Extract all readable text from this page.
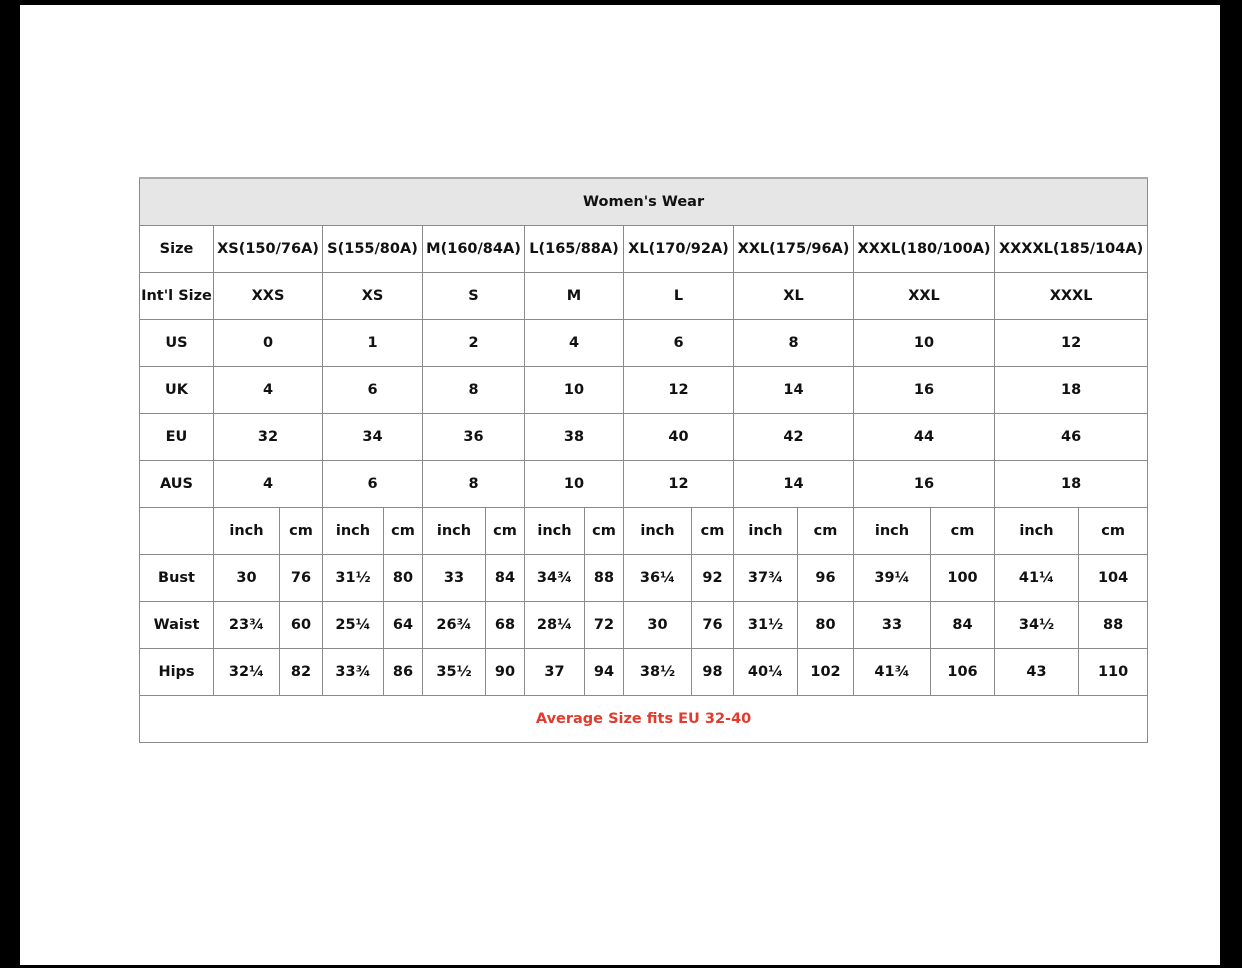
Women's Wear																
Size	XS(150/76A)		S(155/80A)		M(160/84A)		L(165/88A)		XL(170/92A)		XXL(175/96A)		XXXL(180/100A)		XXXXL(185/104A)	
Int'l Size	XXS		XS		S		M		L		XL		XXL		XXXL	
US	0		1		2		4		6		8		10		12	
UK	4		6		8		10		12		14		16		18	
EU	32		34		36		38		40		42		44		46	
AUS	4		6		8		10		12		14		16		18	
	inch	cm	inch	cm	inch	cm	inch	cm	inch	cm	inch	cm	inch	cm	inch	cm
Bust	30	76	31½	80	33	84	34¾	88	36¼	92	37¾	96	39¼	100	41¼	104
Waist	23¾	60	25¼	64	26¾	68	28¼	72	30	76	31½	80	33	84	34½	88
Hips	32¼	82	33¾	86	35½	90	37	94	38½	98	40¼	102	41¾	106	43	110
Average Size fits EU 32-40																
